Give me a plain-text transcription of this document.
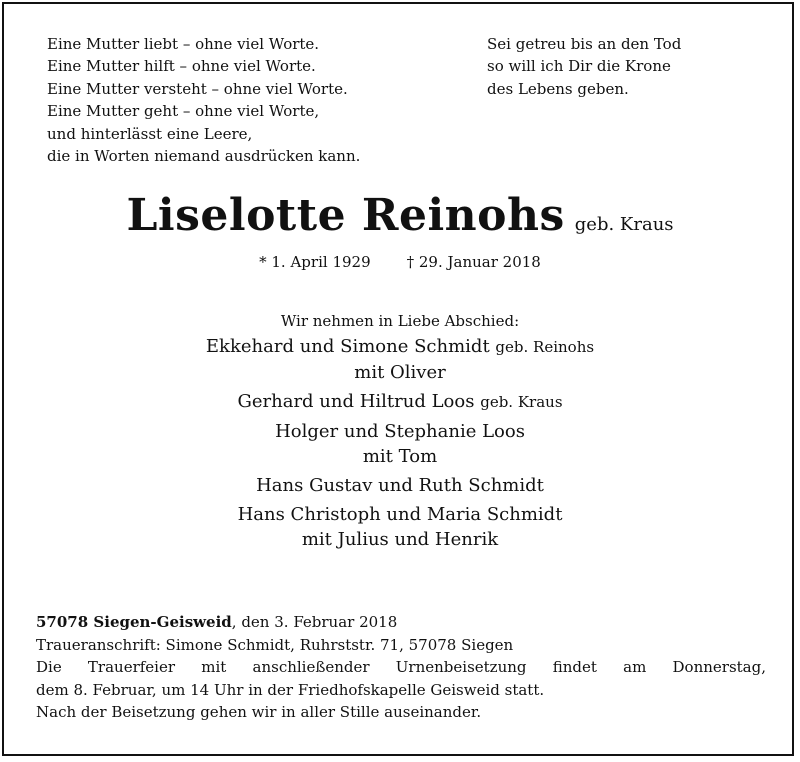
Eine Mutter liebt – ohne viel Worte.
Eine Mutter hilft – ohne viel Worte.
Eine Mutter versteht – ohne viel Worte.
Eine Mutter geht – ohne viel Worte,
und hinterlässt eine Leere,
die in Worten niemand ausdrücken kann.
Sei getreu bis an den Tod
so will ich Dir die Krone
des Lebens geben.
Liselotte Reinohs geb. Kraus
* 1. April 1929 † 29. Januar 2018
Wir nehmen in Liebe Abschied:
Ekkehard und Simone Schmidt geb. Reinohs
mit Oliver
Gerhard und Hiltrud Loos geb. Kraus
Holger und Stephanie Loos
mit Tom
Hans Gustav und Ruth Schmidt
Hans Christoph und Maria Schmidt
mit Julius und Henrik
57078 Siegen-Geisweid, den 3. Februar 2018
Traueranschrift: Simone Schmidt, Ruhrststr. 71, 57078 Siegen
Die Trauerfeier mit anschließender Urnenbeisetzung findet am Donnerstag,
dem 8. Februar, um 14 Uhr in der Friedhofskapelle Geisweid statt.
Nach der Beisetzung gehen wir in aller Stille auseinander.
